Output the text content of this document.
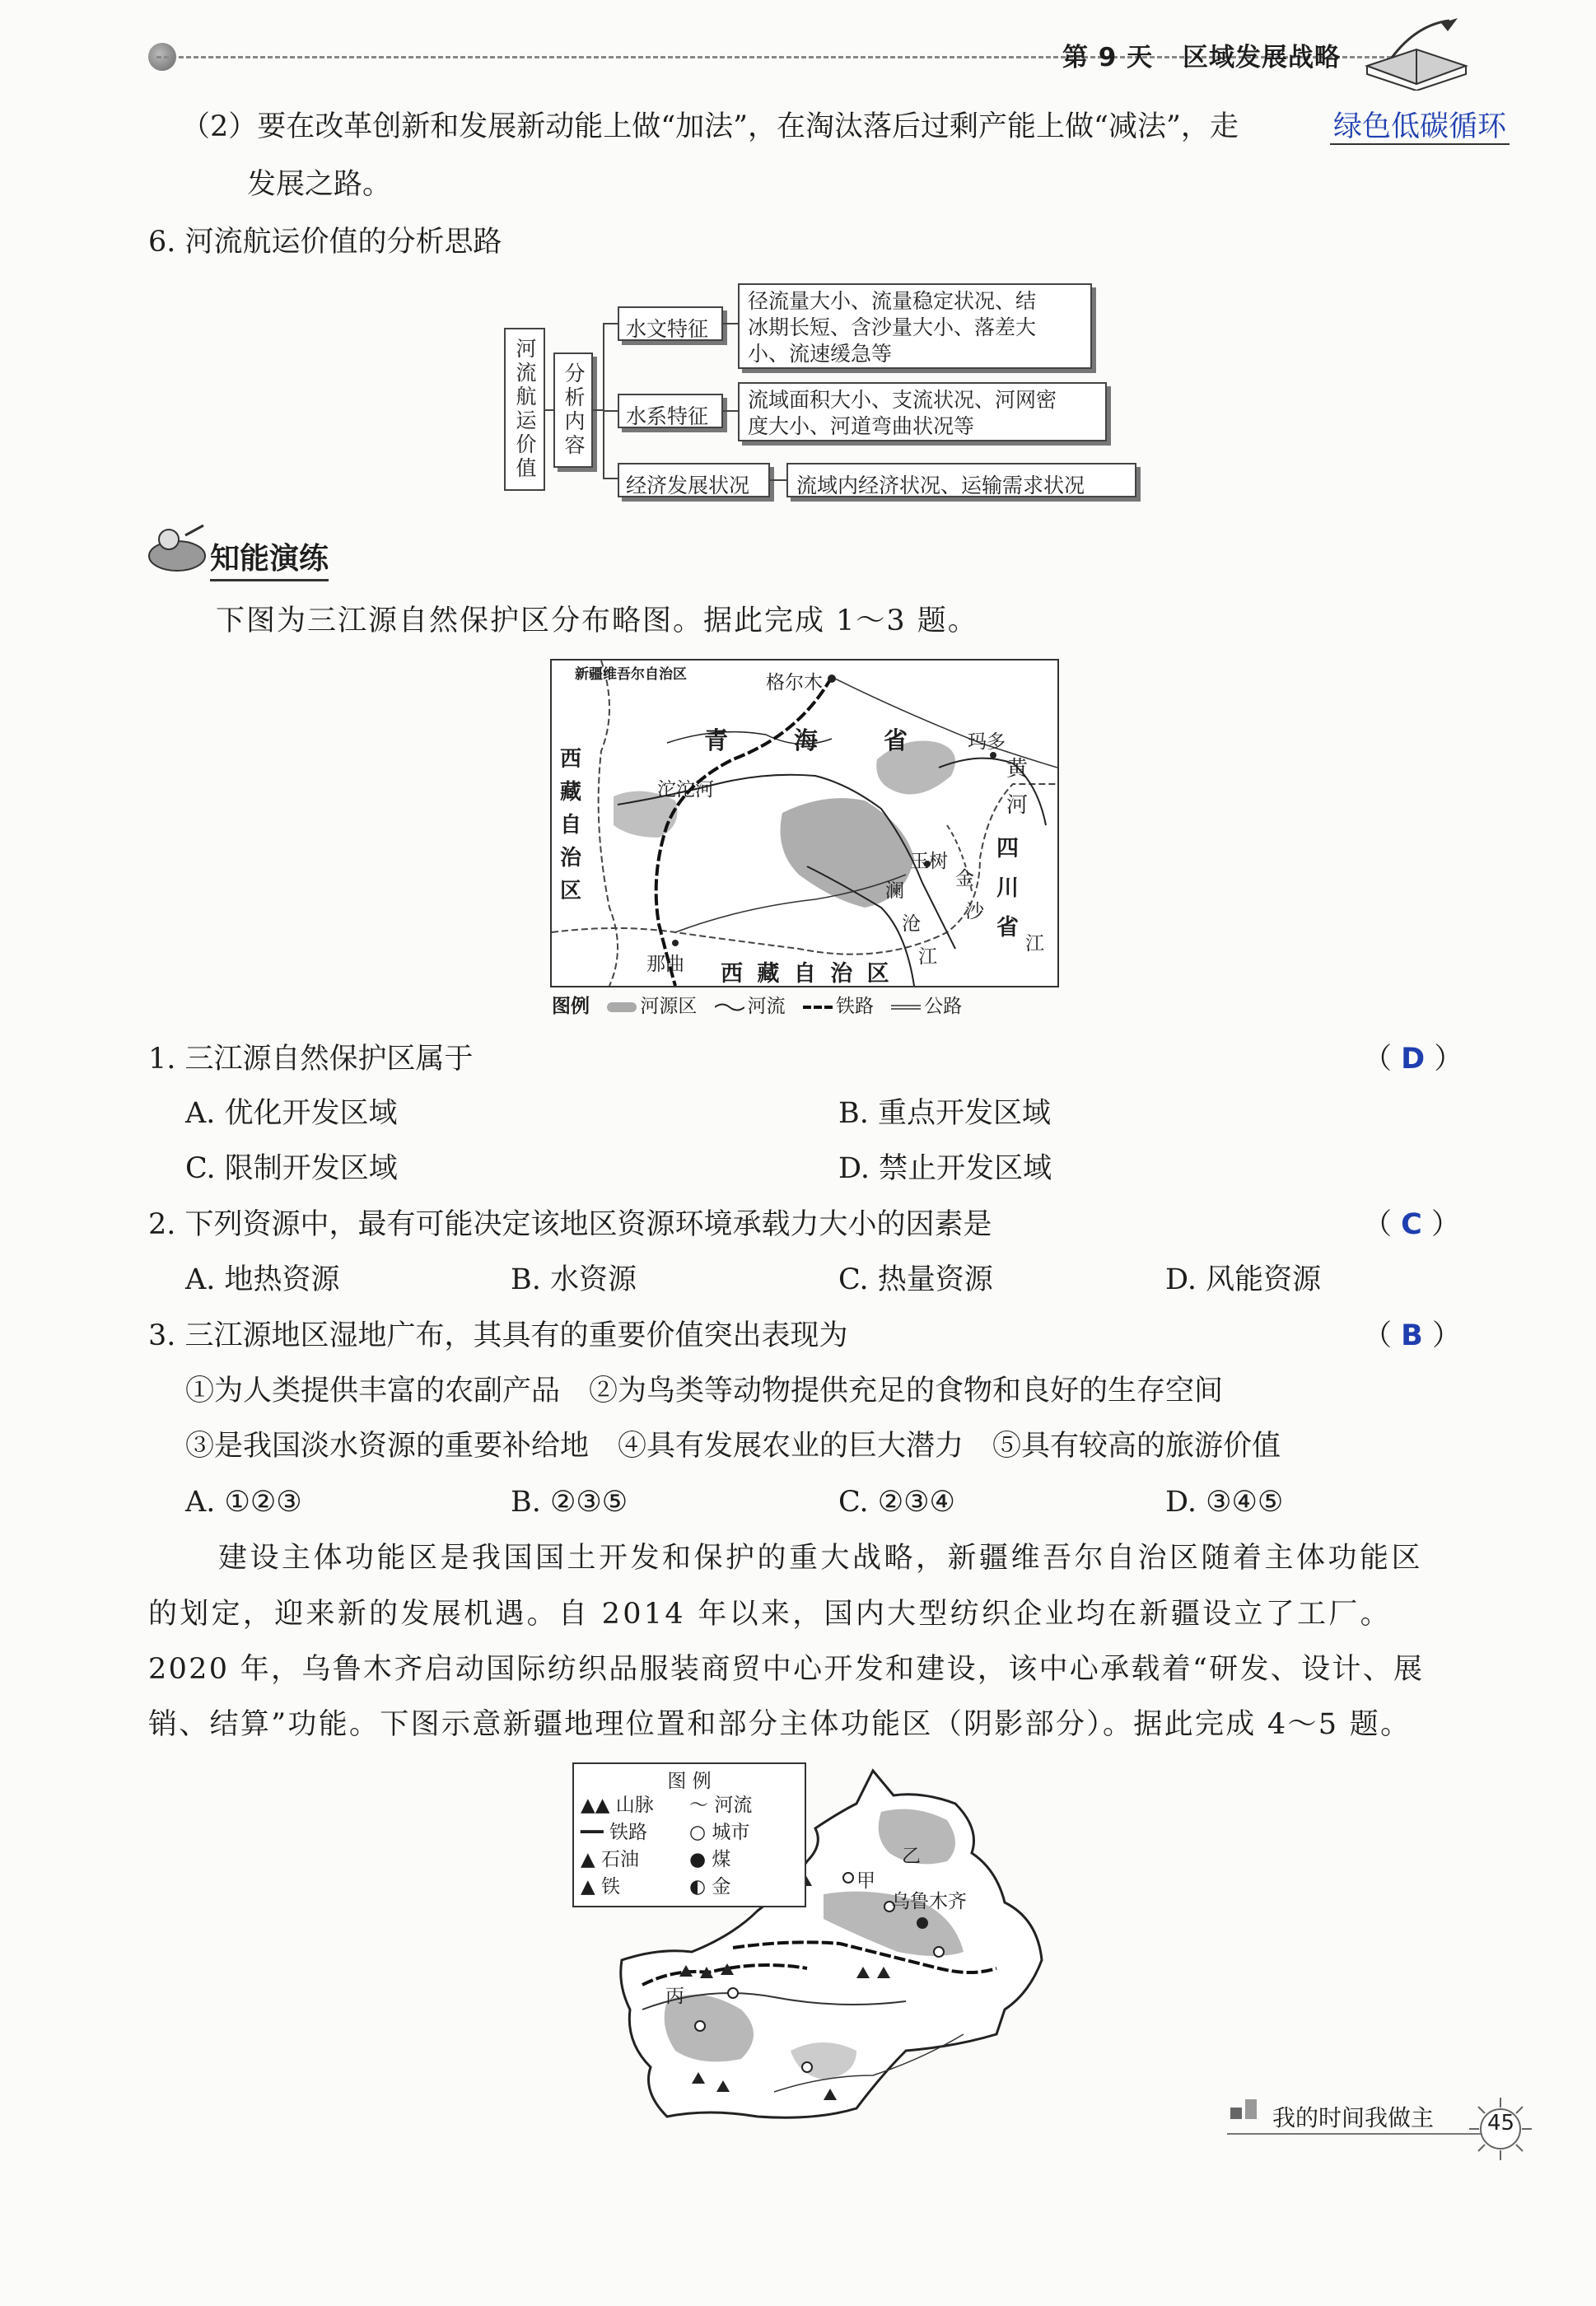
第 9 天 区域发展战略
（2）要在改革创新和发展新动能上做“加法”，在淘汰落后过剩产能上做“减法”，走	绿色低碳循环
发展之路。
6. 河流航运价值的分析思路
河流航运价值	分析内容
水文特征
径流量大小、流量稳定状况、结
冰期长短、含沙量大小、落差大
小、流速缓急等
水系特征
流域面积大小、支流状况、河网密
度大小、河道弯曲状况等
经济发展状况	流域内经济状况、运输需求状况
知能演练
下图为三江源自然保护区分布略图。据此完成 1～3 题。
新疆维吾尔自治区	格尔木
青	海	省
西
藏
自
治
区
沱沱河
玛多
黄
河
四
川
省
玉树
澜
沧
江
金
沙
江
那曲 西 藏 自 治 区
图例	河源区	河流	铁路	公路
1. 三江源自然保护区属于	（ D ）
A. 优化开发区域	B. 重点开发区域
C. 限制开发区域	D. 禁止开发区域
2. 下列资源中，最有可能决定该地区资源环境承载力大小的因素是	（ C ）
A. 地热资源	B. 水资源	C. 热量资源	D. 风能资源
3. 三江源地区湿地广布，其具有的重要价值突出表现为	（ B ）
①为人类提供丰富的农副产品　②为鸟类等动物提供充足的食物和良好的生存空间
③是我国淡水资源的重要补给地　④具有发展农业的巨大潜力　⑤具有较高的旅游价值
A. ①②③	B. ②③⑤	C. ②③④	D. ③④⑤
建设主体功能区是我国国土开发和保护的重大战略，新疆维吾尔自治区随着主体功能区
的划定，迎来新的发展机遇。自 2014 年以来，国内大型纺织企业均在新疆设立了工厂。
2020 年，乌鲁木齐启动国际纺织品服装商贸中心开发和建设，该中心承载着“研发、设计、展
销、结算”功能。下图示意新疆地理位置和部分主体功能区（阴影部分）。据此完成 4～5 题。
图 例
▲▲ 山脉
━━ 铁路
▲ 石油
▲ 铁
～ 河流
○ 城市
● 煤
◐ 金
乙
甲
乌鲁木齐
丙
我的时间我做主 45
